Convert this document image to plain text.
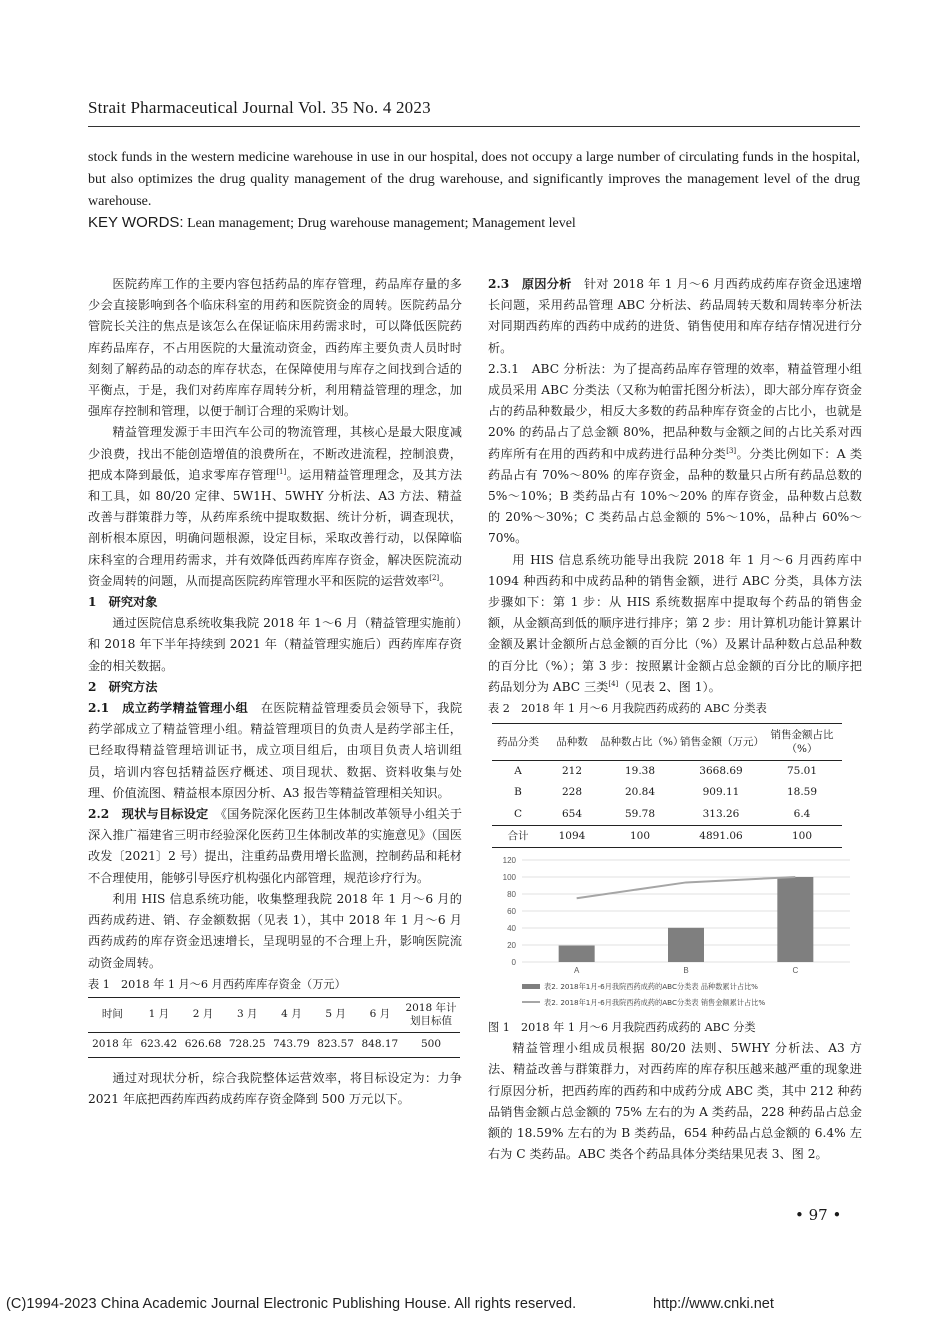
Strait Pharmaceutical Journal Vol. 35 No. 4 2023
stock funds in the western medicine warehouse in use in our hospital, does not occupy a large number of circulating funds in the hospital, but also optimizes the drug quality management of the drug warehouse, and significantly improves the management level of the drug warehouse.
KEY WORDS: Lean management; Drug warehouse management; Management level

医院药库工作的主要内容包括药品的库存管理，药品库存量的多少会直接影响到各个临床科室的用药和医院资金的周转。医院药品分管院长关注的焦点是该怎么在保证临床用药需求时，可以降低医院药库药品库存，不占用医院的大量流动资金，西药库主要负责人员时时刻刻了解药品的动态的库存状态，在保障使用与库存之间找到合适的平衡点，于是，我们对药库库存周转分析，利用精益管理的理念，加强库存控制和管理，以便于制订合理的采购计划。

精益管理发源于丰田汽车公司的物流管理，其核心是最大限度减少浪费，找出不能创造增值的浪费所在，不断改进流程，控制浪费，把成本降到最低，追求零库存管理[1]。运用精益管理理念，及其方法和工具，如 80/20 定律、5W1H、5WHY 分析法、A3 方法、精益改善与群策群力等，从药库系统中提取数据、统计分析，调查现状，剖析根本原因，明确问题根源，设定目标，采取改善行动，以保障临床科室的合理用药需求，并有效降低西药库库存资金，解决医院流动资金周转的问题，从而提高医院药库管理水平和医院的运营效率[2]。

1　研究对象

通过医院信息系统收集我院 2018 年 1～6 月（精益管理实施前）和 2018 年下半年持续到 2021 年（精益管理实施后）西药库库存资金的相关数据。

2　研究方法

2.1　成立药学精益管理小组　 在医院精益管理委员会领导下，我院药学部成立了精益管理小组。精益管理项目的负责人是药学部主任，已经取得精益管理培训证书，成立项目组后，由项目负责人培训组员，培训内容包括精益医疗概述、项目现状、数据、资料收集与处理、价值流图、精益根本原因分析、A3 报告等精益管理相关知识。

2.2　现状与目标设定　 《国务院深化医药卫生体制改革领导小组关于深入推广福建省三明市经验深化医药卫生体制改革的实施意见》（国医改发〔2021〕2 号）提出，注重药品费用增长监测，控制药品和耗材不合理使用，能够引导医疗机构强化内部管理，规范诊疗行为。

利用 HIS 信息系统功能，收集整理我院 2018 年 1 月～6 月的西药成药进、销、存金额数据（见表 1），其中 2018 年 1 月～6 月西药成药的库存资金迅速增长，呈现明显的不合理上升，影响医院流动资金周转。

表 1　2018 年 1 月～6 月西药库库存资金（万元）

时间	1 月	2 月	3 月	4 月	5 月	6 月	2018 年计划目标值
2018 年	623.42	626.68	728.25	743.79	823.57	848.17	500

通过对现状分析，综合我院整体运营效率，将目标设定为：力争 2021 年底把西药库西药成药库存资金降到 500 万元以下。

2.3　原因分析　 针对 2018 年 1 月～6 月西药成药库存资金迅速增长问题，采用药品管理 ABC 分析法、药品周转天数和周转率分析法对同期西药库的西药中成药的进货、销售使用和库存结存情况进行分析。

2.3.1　ABC 分析法：为了提高药品库存管理的效率，精益管理小组成员采用 ABC 分类法（又称为帕雷托图分析法），即大部分库存资金占的药品种数最少，相反大多数的药品种库存资金的占比小，也就是 20% 的药品占了总金额 80%，把品种数与金额之间的占比关系对西药库所有在用的西药和中成药进行品种分类[3]。分类比例如下：A 类药品占有 70%～80% 的库存资金，品种的数量只占所有药品总数的 5%～10%；B 类药品占有 10%～20% 的库存资金，品种数占总数的 20%～30%；C 类药品占总金额的 5%～10%，品种占 60%～70%。

用 HIS 信息系统功能导出我院 2018 年 1 月～6 月西药库中 1094 种西药和中成药品种的销售金额，进行 ABC 分类，具体方法步骤如下：第 1 步：从 HIS 系统数据库中提取每个药品的销售金额，从金额高到低的顺序进行排序；第 2 步：用计算机功能计算累计金额及累计金额所占总金额的百分比（%）及累计品种数占总品种数的百分比（%）；第 3 步：按照累计金额占总金额的百分比的顺序把药品划分为 ABC 三类[4]（见表 2、图 1）。

表 2　2018 年 1 月～6 月我院西药成药的 ABC 分类表

药品分类	品种数	品种数占比（%）	销售金额（万元）	销售金额占比（%）
A	212	19.38	3668.69	75.01
B	228	20.84	909.11	18.59
C	654	59.78	313.26	6.4
合计	1094	100	4891.06	100
0
20
40
60
80
100
120
A	B	C
表2. 2018年1月-6月我院西药成药的ABC分类表 品种数累计占比%
表2. 2018年1月-6月我院西药成药的ABC分类表 销售金额累计占比%

图 1　2018 年 1 月～6 月我院西药成药的 ABC 分类

精益管理小组成员根据 80/20 法则、5WHY 分析法、A3 方法、精益改善与群策群力，对西药库的库存积压越来越严重的现象进行原因分析，把西药库的西药和中成药分成 ABC 类，其中 212 种药品销售金额占总金额的 75% 左右的为 A 类药品，228 种药品占总金额的 18.59% 左右的为 B 类药品，654 种药品占总金额的 6.4% 左右为 C 类药品。ABC 类各个药品具体分类结果见表 3、图 2。

• 97 •
(C)1994-2023 China Academic Journal Electronic Publishing House. All rights reserved.	http://www.cnki.net
